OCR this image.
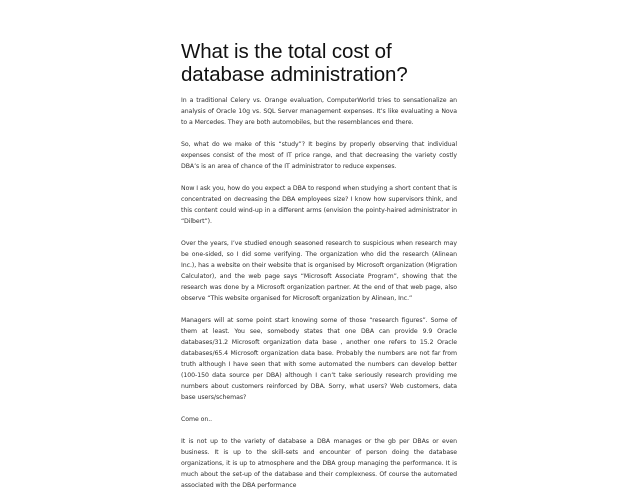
What is the total cost of database administration?

In a traditional Celery vs. Orange evaluation, ComputerWorld tries to sensationalize an analysis of Oracle 10g vs. SQL Server management expenses. It’s like evaluating a Nova to a Mercedes. They are both automobiles, but the resemblances end there.

So, what do we make of this “study”? It begins by properly observing that individual expenses consist of the most of IT price range, and that decreasing the variety costly DBA’s is an area of chance of the IT administrator to reduce expenses.

Now I ask you, how do you expect a DBA to respond when studying a short content that is concentrated on decreasing the DBA employees size? I know how supervisors think, and this content could wind-up in a different arms (envision the pointy-haired administrator in “Dilbert”).

Over the years, I’ve studied enough seasoned research to suspicious when research may be one-sided, so I did some verifying. The organization who did the research (Alinean Inc.), has a website on their website that is organised by Microsoft organization (Migration Calculator), and the web page says “Microsoft Associate Program”, showing that the research was done by a Microsoft organization partner. At the end of that web page, also observe “This website organised for Microsoft organization by Alinean, Inc.”

Managers will at some point start knowing some of those “research figures”. Some of them at least. You see, somebody states that one DBA can provide 9.9 Oracle databases/31.2 Microsoft organization data base , another one refers to 15.2 Oracle databases/65.4 Microsoft organization data base. Probably the numbers are not far from truth although I have seen that with some automated the numbers can develop better (100-150 data source per DBA) although I can’t take seriously research providing me numbers about customers reinforced by DBA. Sorry, what users? Web customers, data base users/schemas?

Come on..

It is not up to the variety of database a DBA manages or the gb per DBAs or even business. It is up to the skill-sets and encounter of person doing the database organizations, it is up to atmosphere and the DBA group managing the performance. It is much about the set-up of the database and their complexness. Of course the automated associated with the DBA performance
